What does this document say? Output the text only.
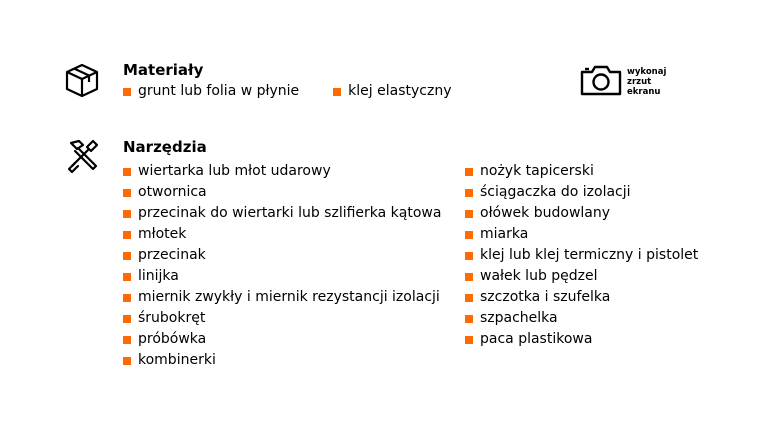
Materiały
grunt lub folia w płynie	klej elastyczny
wykonaj
zrzut
ekranu
Narzędzia
wiertarka lub młot udarowy
otwornica
przecinak do wiertarki lub szlifierka kątowa
młotek
przecinak
linijka
miernik zwykły i miernik rezystancji izolacji
śrubokręt
próbówka
kombinerki
nożyk tapicerski
ściągaczka do izolacji
ołówek budowlany
miarka
klej lub klej termiczny i pistolet
wałek lub pędzel
szczotka i szufelka
szpachelka
paca plastikowa
